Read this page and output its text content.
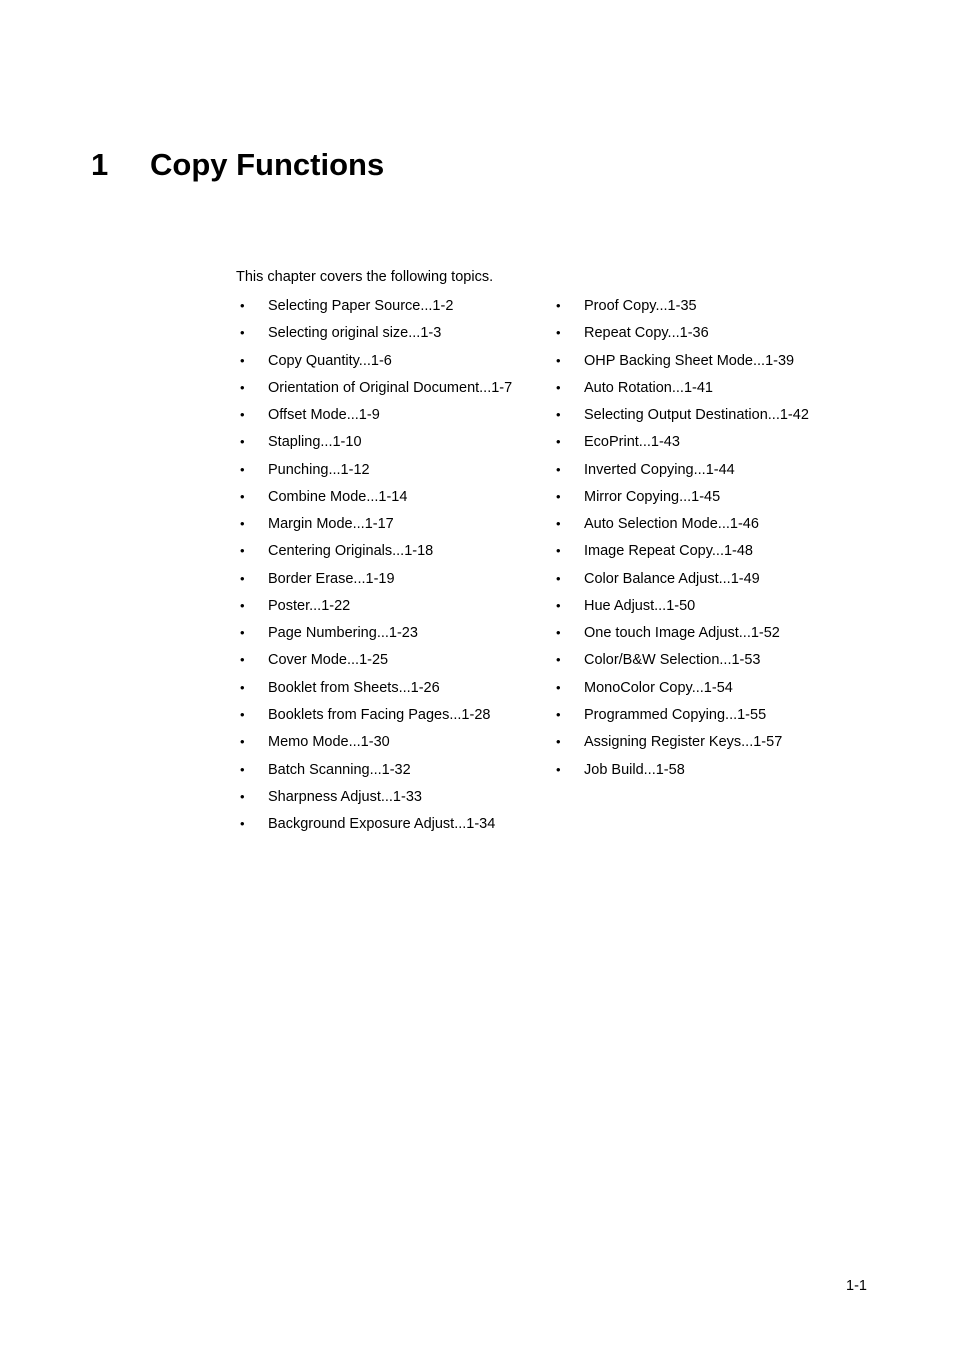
1	Copy Functions

This chapter covers the following topics.

• Selecting Paper Source...1-2
• Selecting original size...1-3
• Copy Quantity...1-6
• Orientation of Original Document...1-7
• Offset Mode...1-9
• Stapling...1-10
• Punching...1-12
• Combine Mode...1-14
• Margin Mode...1-17
• Centering Originals...1-18
• Border Erase...1-19
• Poster...1-22
• Page Numbering...1-23
• Cover Mode...1-25
• Booklet from Sheets...1-26
• Booklets from Facing Pages...1-28
• Memo Mode...1-30
• Batch Scanning...1-32
• Sharpness Adjust...1-33
• Background Exposure Adjust...1-34
• Proof Copy...1-35
• Repeat Copy...1-36
• OHP Backing Sheet Mode...1-39
• Auto Rotation...1-41
• Selecting Output Destination...1-42
• EcoPrint...1-43
• Inverted Copying...1-44
• Mirror Copying...1-45
• Auto Selection Mode...1-46
• Image Repeat Copy...1-48
• Color Balance Adjust...1-49
• Hue Adjust...1-50
• One touch Image Adjust...1-52
• Color/B&W Selection...1-53
• MonoColor Copy...1-54
• Programmed Copying...1-55
• Assigning Register Keys...1-57
• Job Build...1-58
1-1
